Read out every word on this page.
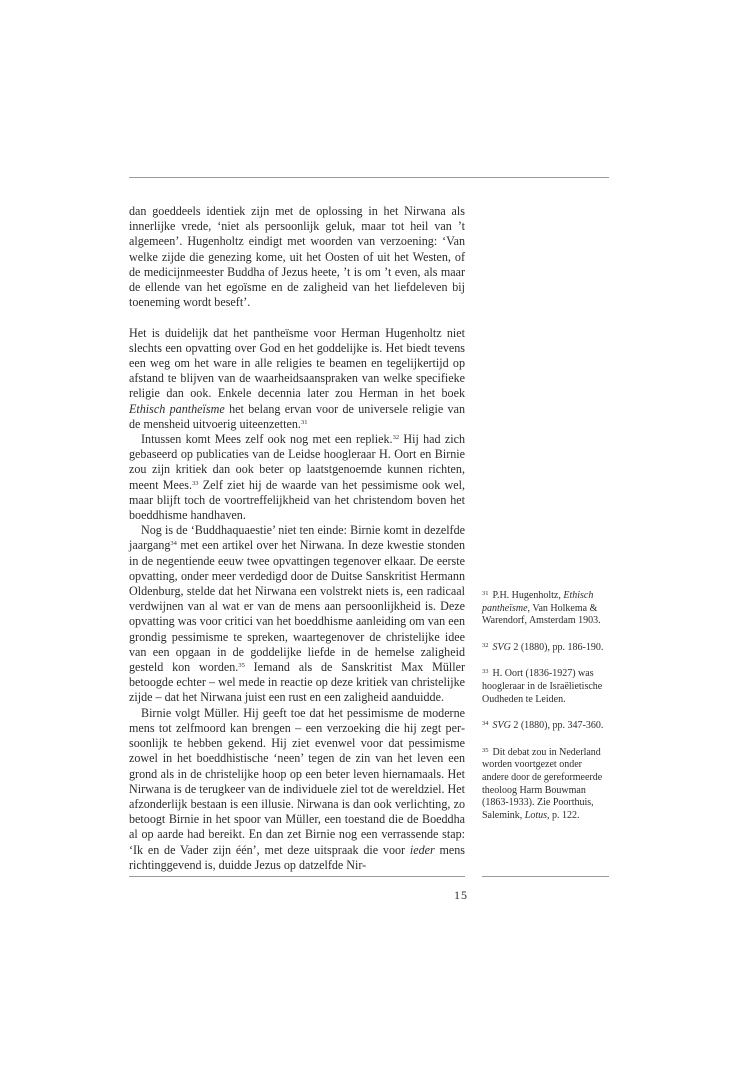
dan goeddeels identiek zijn met de oplossing in het Nirwana als innerlijke vrede, ‘niet als persoonlijk geluk, maar tot heil van ’t algemeen’. Hugenholtz eindigt met woorden van verzoening: ‘Van welke zijde die genezing kome, uit het Oosten of uit het Westen, of de medicijnmeester Buddha of Jezus heete, ’t is om ’t even, als maar de ellende van het egoïsme en de zaligheid van het liefdeleven bij toeneming wordt beseft’.

Het is duidelijk dat het pantheïsme voor Herman Hugenholtz niet slechts een opvatting over God en het goddelijke is. Het biedt tevens een weg om het ware in alle religies te beamen en tegelijkertijd op afstand te blijven van de waarheidsaanspraken van welke specifieke religie dan ook. Enkele decennia later zou Herman in het boek Ethisch pantheïsme het belang ervan voor de universele religie van de mensheid uitvoerig uiteenzetten.$^{31}$

Intussen komt Mees zelf ook nog met een repliek.$^{32}$ Hij had zich gebaseerd op publicaties van de Leidse hoogleraar H. Oort en Birnie zou zijn kritiek dan ook beter op laatstgenoemde kunnen richten, meent Mees.$^{33}$ Zelf ziet hij de waarde van het pessimisme ook wel, maar blijft toch de voortreffelijkheid van het christendom boven het boeddhisme handhaven.

Nog is de ‘Buddhaquaestie’ niet ten einde: Birnie komt in dezelfde jaargang$^{34}$ met een artikel over het Nirwana. In deze kwestie stonden in de negentiende eeuw twee opvattingen tegenover elkaar. De eerste opvatting, onder meer verdedigd door de Duitse Sanskritist Hermann Oldenburg, stelde dat het Nirwana een volstrekt niets is, een radicaal verdwijnen van al wat er van de mens aan persoonlijkheid is. Deze opvatting was voor critici van het boeddhisme aanleiding om van een grondig pessimisme te spreken, waartegenover de christelijke idee van een opgaan in de goddelijke liefde in de hemelse zaligheid gesteld kon worden.$^{35}$ Iemand als de Sanskritist Max Müller betoogde echter – wel mede in reactie op deze kritiek van christelijke zijde – dat het Nirwana juist een rust en een zaligheid aanduidde.

Birnie volgt Müller. Hij geeft toe dat het pessimisme de moderne mens tot zelfmoord kan brengen – een verzoeking die hij zegt persoonlijk te hebben gekend. Hij ziet evenwel voor dat pessimisme zowel in het boeddhistische ‘neen’ tegen de zin van het leven een grond als in de christelijke hoop op een beter leven hiernamaals. Het Nirwana is de terugkeer van de individuele ziel tot de wereldziel. Het afzonderlijk bestaan is een illusie. Nirwana is dan ook verlichting, zo betoogt Birnie in het spoor van Müller, een toestand die de Boeddha al op aarde had bereikt. En dan zet Birnie nog een verrassende stap: ‘Ik en de Vader zijn één’, met deze uitspraak die voor ieder mens richtinggevend is, duidde Jezus op datzelfde Nir-

$^{31}$ P.H. Hugenholtz, Ethisch pantheïsme, Van Holkema & Warendorf, Amsterdam 1903.
$^{32}$ SVG 2 (1880), pp. 186-190.
$^{33}$ H. Oort (1836-1927) was hoogleraar in de Israëlietische Oudheden te Leiden.
$^{34}$ SVG 2 (1880), pp. 347-360.
$^{35}$ Dit debat zou in Nederland worden voortgezet onder andere door de gereformeerde theoloog Harm Bouwman (1863-1933). Zie Poorthuis, Salemink, Lotus, p. 122.
15
